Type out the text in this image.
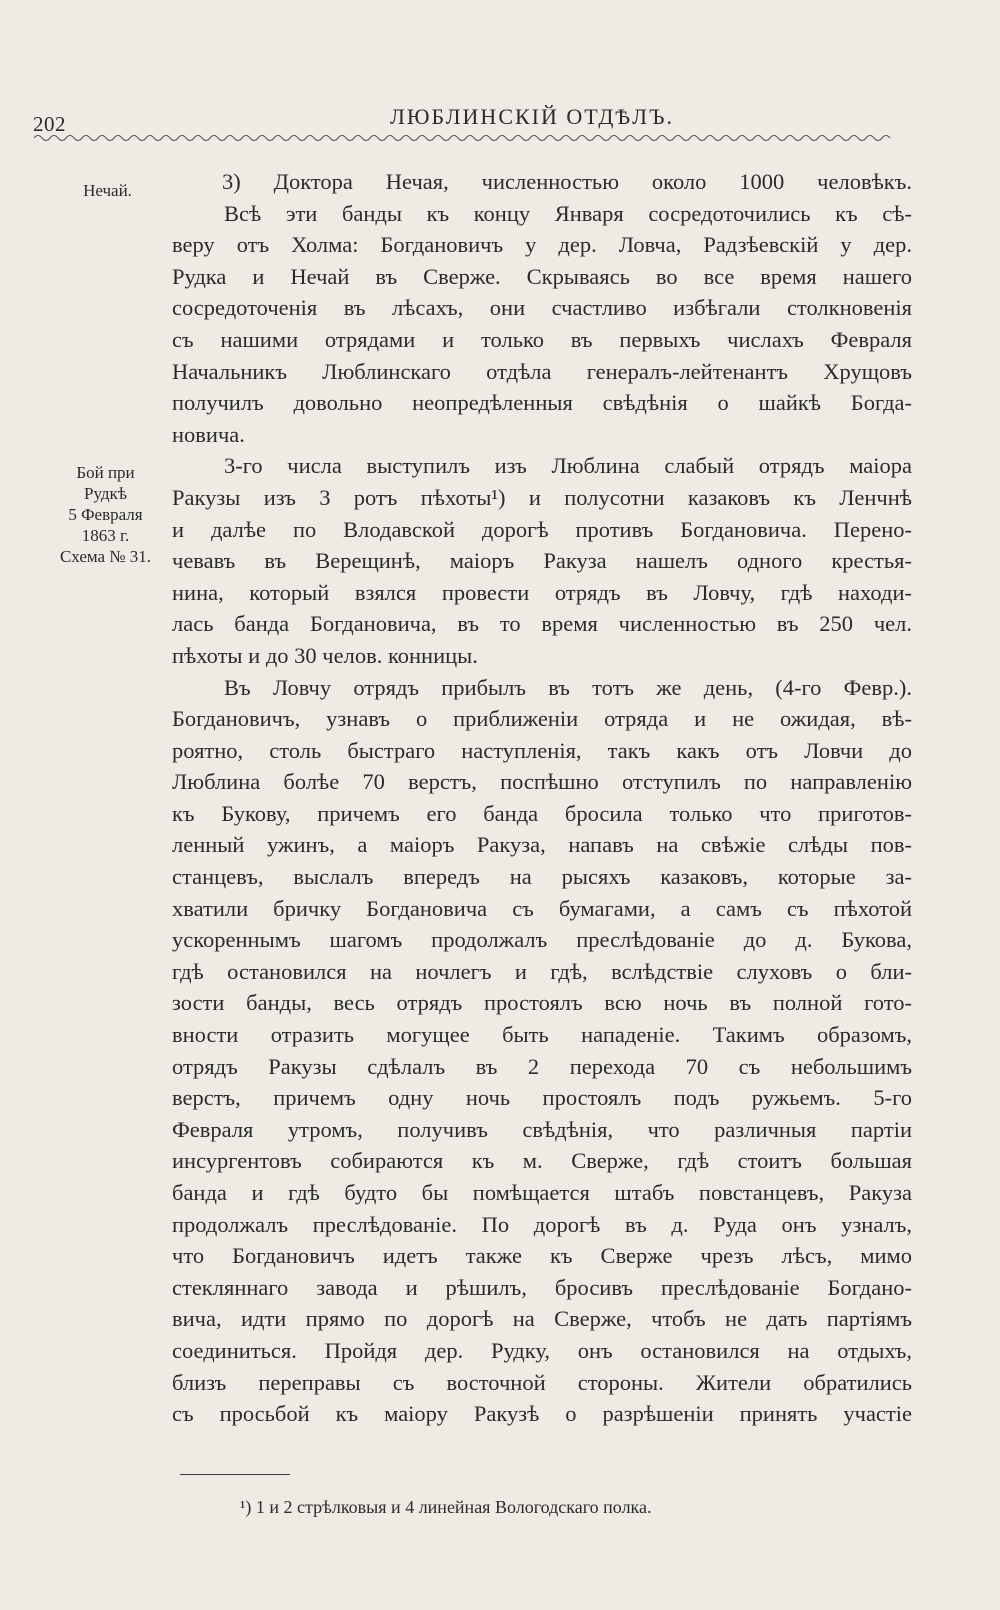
202	ЛЮБЛИНСКІЙ ОТДѢЛЪ.
Нечай.
Бой при
Рудкѣ
5 Февраля
1863 г.
Схема № 31.
3) Доктора Нечая, численностью около 1000 человѣкъ.
Всѣ эти банды къ концу Января сосредоточились къ сѣ-
веру отъ Холма: Богдановичъ у дер. Ловча, Радзѣевскій у дер.
Рудка и Нечай въ Сверже. Скрываясь во все время нашего
сосредоточенія въ лѣсахъ, они счастливо избѣгали столкновенія
съ нашими отрядами и только въ первыхъ числахъ Февраля
Начальникъ Люблинскаго отдѣла генералъ-лейтенантъ Хрущовъ
получилъ довольно неопредѣленныя свѣдѣнія о шайкѣ Богда-
новича.
3-го числа выступилъ изъ Люблина слабый отрядъ маіора
Ракузы изъ 3 ротъ пѣхоты¹) и полусотни казаковъ къ Ленчнѣ
и далѣе по Влодавской дорогѣ противъ Богдановича. Перено-
чевавъ въ Верещинѣ, маіоръ Ракуза нашелъ одного крестья-
нина, который взялся провести отрядъ въ Ловчу, гдѣ находи-
лась банда Богдановича, въ то время численностью въ 250 чел.
пѣхоты и до 30 челов. конницы.
Въ Ловчу отрядъ прибылъ въ тотъ же день, (4-го Февр.).
Богдановичъ, узнавъ о приближеніи отряда и не ожидая, вѣ-
роятно, столь быстраго наступленія, такъ какъ отъ Ловчи до
Люблина болѣе 70 верстъ, поспѣшно отступилъ по направленію
къ Букову, причемъ его банда бросила только что приготов-
ленный ужинъ, а маіоръ Ракуза, напавъ на свѣжіе слѣды пов-
станцевъ, выслалъ впередъ на рысяхъ казаковъ, которые за-
хватили бричку Богдановича съ бумагами, а самъ съ пѣхотой
ускореннымъ шагомъ продолжалъ преслѣдованіе до д. Букова,
гдѣ остановился на ночлегъ и гдѣ, вслѣдствіе слуховъ о бли-
зости банды, весь отрядъ простоялъ всю ночь въ полной гото-
вности отразить могущее быть нападеніе. Такимъ образомъ,
отрядъ Ракузы сдѣлалъ въ 2 перехода 70 съ небольшимъ
верстъ, причемъ одну ночь простоялъ подъ ружьемъ. 5-го
Февраля утромъ, получивъ свѣдѣнія, что различныя партіи
инсургентовъ собираются къ м. Сверже, гдѣ стоитъ большая
банда и гдѣ будто бы помѣщается штабъ повстанцевъ, Ракуза
продолжалъ преслѣдованіе. По дорогѣ въ д. Руда онъ узналъ,
что Богдановичъ идетъ также къ Сверже чрезъ лѣсъ, мимо
стекляннаго завода и рѣшилъ, бросивъ преслѣдованіе Богдано-
вича, идти прямо по дорогѣ на Сверже, чтобъ не дать партіямъ
соединиться. Пройдя дер. Рудку, онъ остановился на отдыхъ,
близъ переправы съ восточной стороны. Жители обратились
съ просьбой къ маіору Ракузѣ о разрѣшеніи принять участіе
¹) 1 и 2 стрѣлковыя и 4 линейная Вологодскаго полка.
